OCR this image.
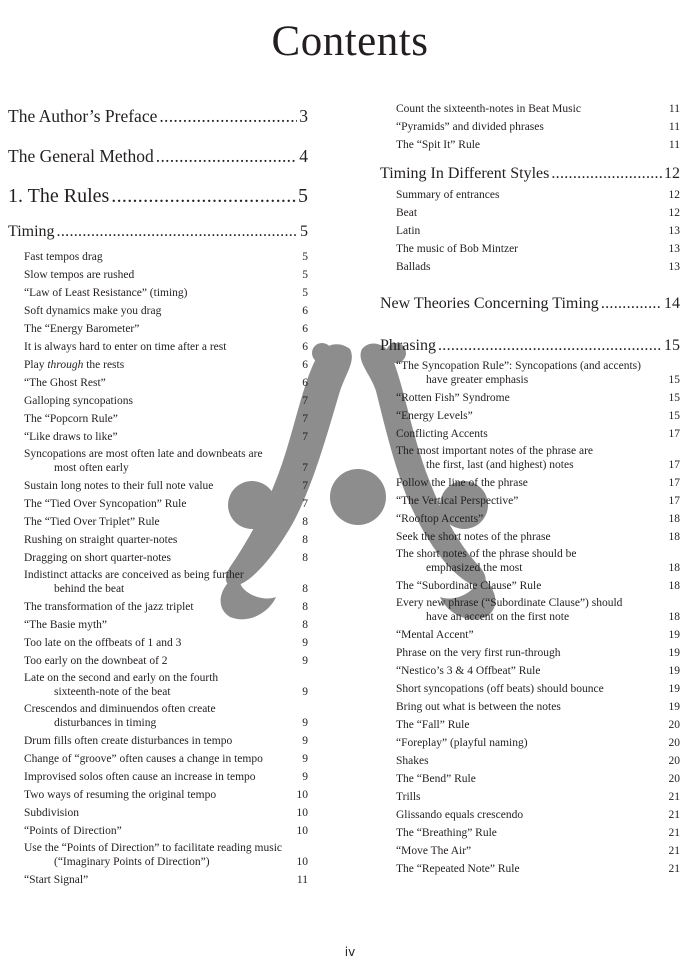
Contents
The Author’s Preface .....	3
The General Method .....	4
1. The Rules .....	5
Timing .....	5
Fast tempos drag	5
Slow tempos are rushed	5
“Law of Least Resistance” (timing)	5
Soft dynamics make you drag	6
The “Energy Barometer”	6
It is always hard to enter on time after a rest	6
Play through the rests	6
“The Ghost Rest”	6
Galloping syncopations	7
The “Popcorn Rule”	7
“Like draws to like”	7
Syncopations are most often late and downbeats are
most often early	7
Sustain long notes to their full note value	7
The “Tied Over Syncopation” Rule	7
The “Tied Over Triplet” Rule	8
Rushing on straight quarter-notes	8
Dragging on short quarter-notes	8
Indistinct attacks are conceived as being further
behind the beat	8
The transformation of the jazz triplet	8
“The Basie myth”	8
Too late on the offbeats of 1 and 3	9
Too early on the downbeat of 2	9
Late on the second and early on the fourth
sixteenth-note of the beat	9
Crescendos and diminuendos often create
disturbances in timing	9
Drum fills often create disturbances in tempo	9
Change of “groove” often causes a change in tempo	9
Improvised solos often cause an increase in tempo	9
Two ways of resuming the original tempo	10
Subdivision	10
“Points of Direction”	10
Use the “Points of Direction” to facilitate reading music
(“Imaginary Points of Direction”)	10
“Start Signal”	11
Count the sixteenth-notes in Beat Music	11
“Pyramids” and divided phrases	11
The “Spit It” Rule	11
Timing In Different Styles .....	12
Summary of entrances	12
Beat	12
Latin	13
The music of Bob Mintzer	13
Ballads	13
New Theories Concerning Timing .....	14
Phrasing .....	15
“The Syncopation Rule”: Syncopations (and accents)
have greater emphasis	15
“Rotten Fish” Syndrome	15
“Energy Levels”	15
Conflicting Accents	17
The most important notes of the phrase are
the first, last (and highest) notes	17
Follow the line of the phrase	17
“The Vertical Perspective”	17
“Rooftop Accents”	18
Seek the short notes of the phrase	18
The short notes of the phrase should be
emphasized the most	18
The “Subordinate Clause” Rule	18
Every new phrase (“Subordinate Clause”) should
have an accent on the first note	18
“Mental Accent”	19
Phrase on the very first run-through	19
“Nestico’s 3 & 4 Offbeat” Rule	19
Short syncopations (off beats) should bounce	19
Bring out what is between the notes	19
The “Fall” Rule	20
“Foreplay” (playful naming)	20
Shakes	20
The “Bend” Rule	20
Trills	21
Glissando equals crescendo	21
The “Breathing” Rule	21
“Move The Air”	21
The “Repeated Note” Rule	21
iv
